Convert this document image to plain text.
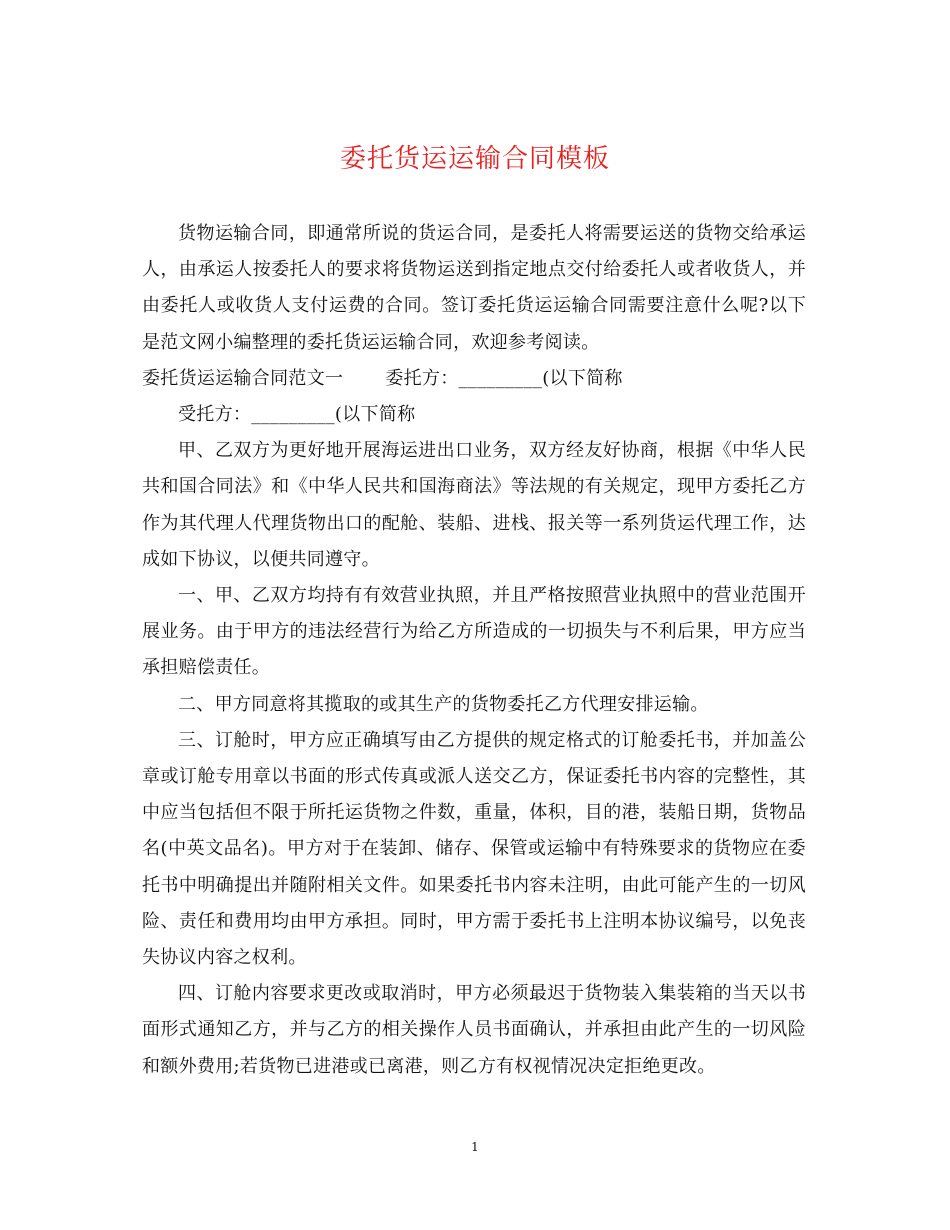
委托货运运输合同模板

货物运输合同，即通常所说的货运合同，是委托人将需要运送的货物交给承运人，由承运人按委托人的要求将货物运送到指定地点交付给委托人或者收货人，并由委托人或收货人支付运费的合同。签订委托货运运输合同需要注意什么呢?以下是范文网小编整理的委托货运运输合同，欢迎参考阅读。

委托货运运输合同范文一 委托方：_________(以下简称

受托方：_________(以下简称

甲、乙双方为更好地开展海运进出口业务，双方经友好协商，根据《中华人民共和国合同法》和《中华人民共和国海商法》等法规的有关规定，现甲方委托乙方作为其代理人代理货物出口的配舱、装船、进栈、报关等一系列货运代理工作，达成如下协议，以便共同遵守。

一、甲、乙双方均持有有效营业执照，并且严格按照营业执照中的营业范围开展业务。由于甲方的违法经营行为给乙方所造成的一切损失与不利后果，甲方应当承担赔偿责任。

二、甲方同意将其揽取的或其生产的货物委托乙方代理安排运输。

三、订舱时，甲方应正确填写由乙方提供的规定格式的订舱委托书，并加盖公章或订舱专用章以书面的形式传真或派人送交乙方，保证委托书内容的完整性，其中应当包括但不限于所托运货物之件数，重量，体积，目的港，装船日期，货物品名(中英文品名)。甲方对于在装卸、储存、保管或运输中有特殊要求的货物应在委托书中明确提出并随附相关文件。如果委托书内容未注明，由此可能产生的一切风险、责任和费用均由甲方承担。同时，甲方需于委托书上注明本协议编号，以免丧失协议内容之权利。

四、订舱内容要求更改或取消时，甲方必须最迟于货物装入集装箱的当天以书面形式通知乙方，并与乙方的相关操作人员书面确认，并承担由此产生的一切风险和额外费用;若货物已进港或已离港，则乙方有权视情况决定拒绝更改。

1
